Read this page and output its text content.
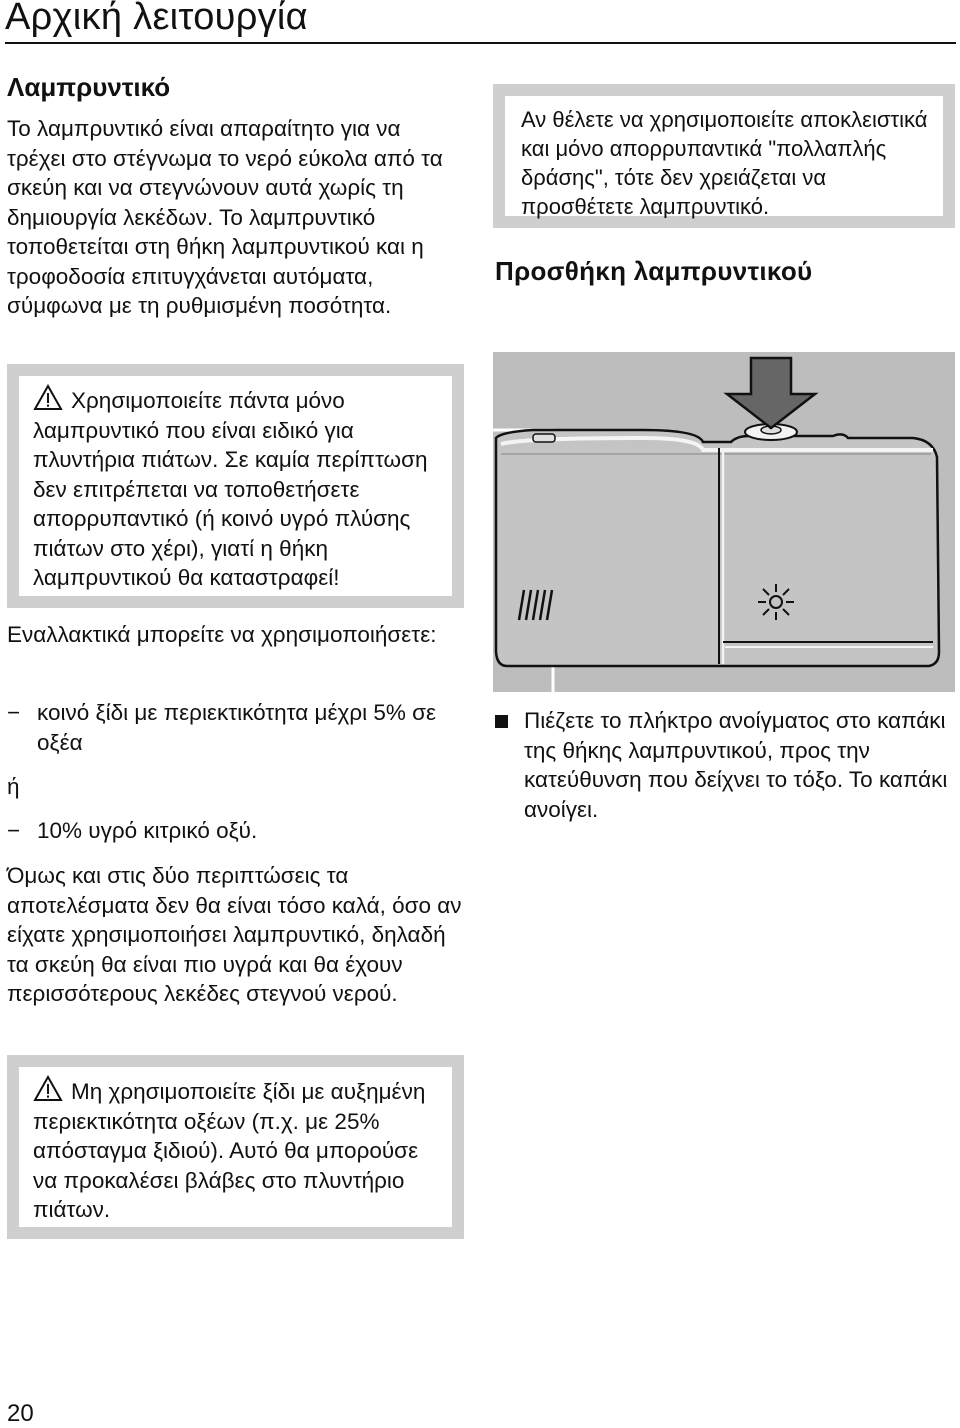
Αρχική λειτουργία
Λαμπρυντικό
Το λαμπρυντικό είναι απαραίτητο για να τρέχει στο στέγνωμα το νερό εύκολα από τα σκεύη και να στεγνώνουν αυτά χωρίς τη δημιουργία λεκέδων. Το λαμπρυντικό τοποθετείται στη θήκη λαμπρυντικού και η τροφοδοσία επιτυγχάνεται αυτόματα, σύμφωνα με τη ρυθμισμένη ποσότητα.
Χρησιμοποιείτε πάντα μόνο λαμπρυντικό που είναι ειδικό για πλυντήρια πιάτων. Σε καμία περίπτωση δεν επιτρέπεται να τοποθετήσετε απορρυπαντικό (ή κοινό υγρό πλύσης πιάτων στο χέρι), γιατί η θήκη λαμπρυντικού θα καταστραφεί!
Εναλλακτικά μπορείτε να χρησιμοποιήσετε:
− κοινό ξίδι με περιεκτικότητα μέχρι 5% σε οξέα
ή
− 10% υγρό κιτρικό οξύ.
Όμως και στις δύο περιπτώσεις τα αποτελέσματα δεν θα είναι τόσο καλά, όσο αν είχατε χρησιμοποιήσει λαμπρυντικό, δηλαδή τα σκεύη θα είναι πιο υγρά και θα έχουν περισσότερους λεκέδες στεγνού νερού.
Μη χρησιμοποιείτε ξίδι με αυξημένη περιεκτικότητα οξέων (π.χ. με 25% απόσταγμα ξιδιού). Αυτό θα μπορούσε να προκαλέσει βλάβες στο πλυντήριο πιάτων.
Αν θέλετε να χρησιμοποιείτε αποκλειστικά και μόνο απορρυπαντικά "πολλαπλής δράσης", τότε δεν χρειάζεται να προσθέτετε λαμπρυντικό.
Προσθήκη λαμπρυντικού
Πιέζετε το πλήκτρο ανοίγματος στο καπάκι της θήκης λαμπρυντικού, προς την κατεύθυνση που δείχνει το τόξο. Το καπάκι ανοίγει.
20
